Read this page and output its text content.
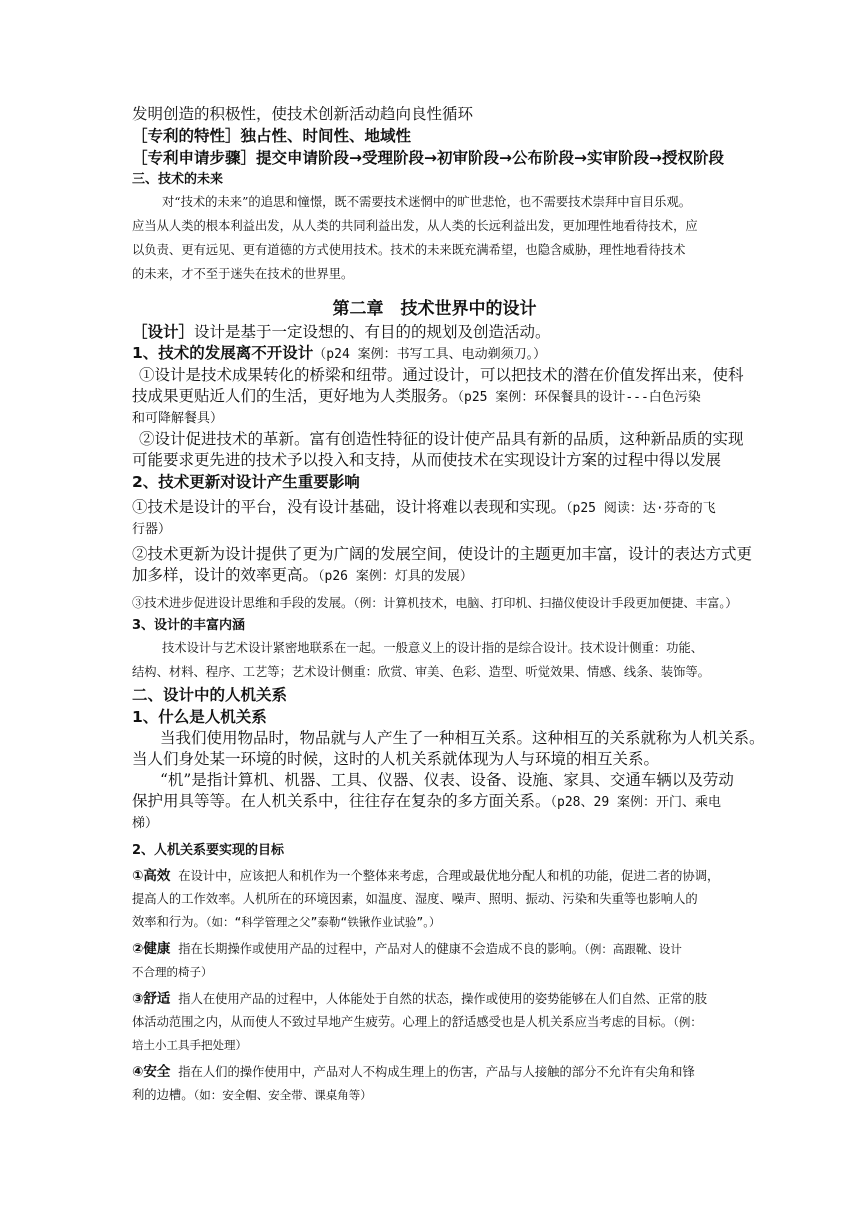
发明创造的积极性，使技术创新活动趋向良性循环

［专利的特性］独占性、时间性、地域性

［专利申请步骤］提交申请阶段→受理阶段→初审阶段→公布阶段→实审阶段→授权阶段

三、技术的未来

对“技术的未来”的追思和憧憬，既不需要技术迷惘中的旷世悲怆，也不需要技术崇拜中盲目乐观。

应当从人类的根本利益出发，从人类的共同利益出发，从人类的长远利益出发，更加理性地看待技术，应

以负责、更有远见、更有道德的方式使用技术。技术的未来既充满希望，也隐含威胁，理性地看待技术

的未来，才不至于迷失在技术的世界里。

第二章　技术世界中的设计

［设计］设计是基于一定设想的、有目的的规划及创造活动。

1、技术的发展离不开设计（p24 案例：书写工具、电动剃须刀。）

①设计是技术成果转化的桥梁和纽带。通过设计，可以把技术的潜在价值发挥出来，使科

技成果更贴近人们的生活，更好地为人类服务。（p25 案例：环保餐具的设计---白色污染

和可降解餐具）

②设计促进技术的革新。富有创造性特征的设计使产品具有新的品质，这种新品质的实现

可能要求更先进的技术予以投入和支持，从而使技术在实现设计方案的过程中得以发展

2、技术更新对设计产生重要影响

①技术是设计的平台，没有设计基础，设计将难以表现和实现。（p25 阅读：达·芬奇的飞

行器）

②技术更新为设计提供了更为广阔的发展空间，使设计的主题更加丰富，设计的表达方式更

加多样，设计的效率更高。（p26 案例：灯具的发展）

③技术进步促进设计思维和手段的发展。（例：计算机技术，电脑、打印机、扫描仪使设计手段更加便捷、丰富。）

3、设计的丰富内涵

技术设计与艺术设计紧密地联系在一起。一般意义上的设计指的是综合设计。技术设计侧重：功能、

结构、材料、程序、工艺等；艺术设计侧重：欣赏、审美、色彩、造型、听觉效果、情感、线条、装饰等。

二、设计中的人机关系

1、什么是人机关系

当我们使用物品时，物品就与人产生了一种相互关系。这种相互的关系就称为人机关系。

当人们身处某一环境的时候，这时的人机关系就体现为人与环境的相互关系。

“机”是指计算机、机器、工具、仪器、仪表、设备、设施、家具、交通车辆以及劳动

保护用具等等。在人机关系中，往往存在复杂的多方面关系。（p28、29 案例：开门、乘电

梯）

2、人机关系要实现的目标

①高效 在设计中，应该把人和机作为一个整体来考虑，合理或最优地分配人和机的功能，促进二者的协调，

提高人的工作效率。人机所在的环境因素，如温度、湿度、噪声、照明、振动、污染和失重等也影响人的

效率和行为。（如：“科学管理之父”泰勒“铁锹作业试验”。）

②健康 指在长期操作或使用产品的过程中，产品对人的健康不会造成不良的影响。（例：高跟靴、设计

不合理的椅子）

③舒适 指人在使用产品的过程中，人体能处于自然的状态，操作或使用的姿势能够在人们自然、正常的肢

体活动范围之内，从而使人不致过早地产生疲劳。心理上的舒适感受也是人机关系应当考虑的目标。（例：

培土小工具手把处理）

④安全 指在人们的操作使用中，产品对人不构成生理上的伤害，产品与人接触的部分不允许有尖角和锋

利的边槽。（如：安全帽、安全带、课桌角等）
